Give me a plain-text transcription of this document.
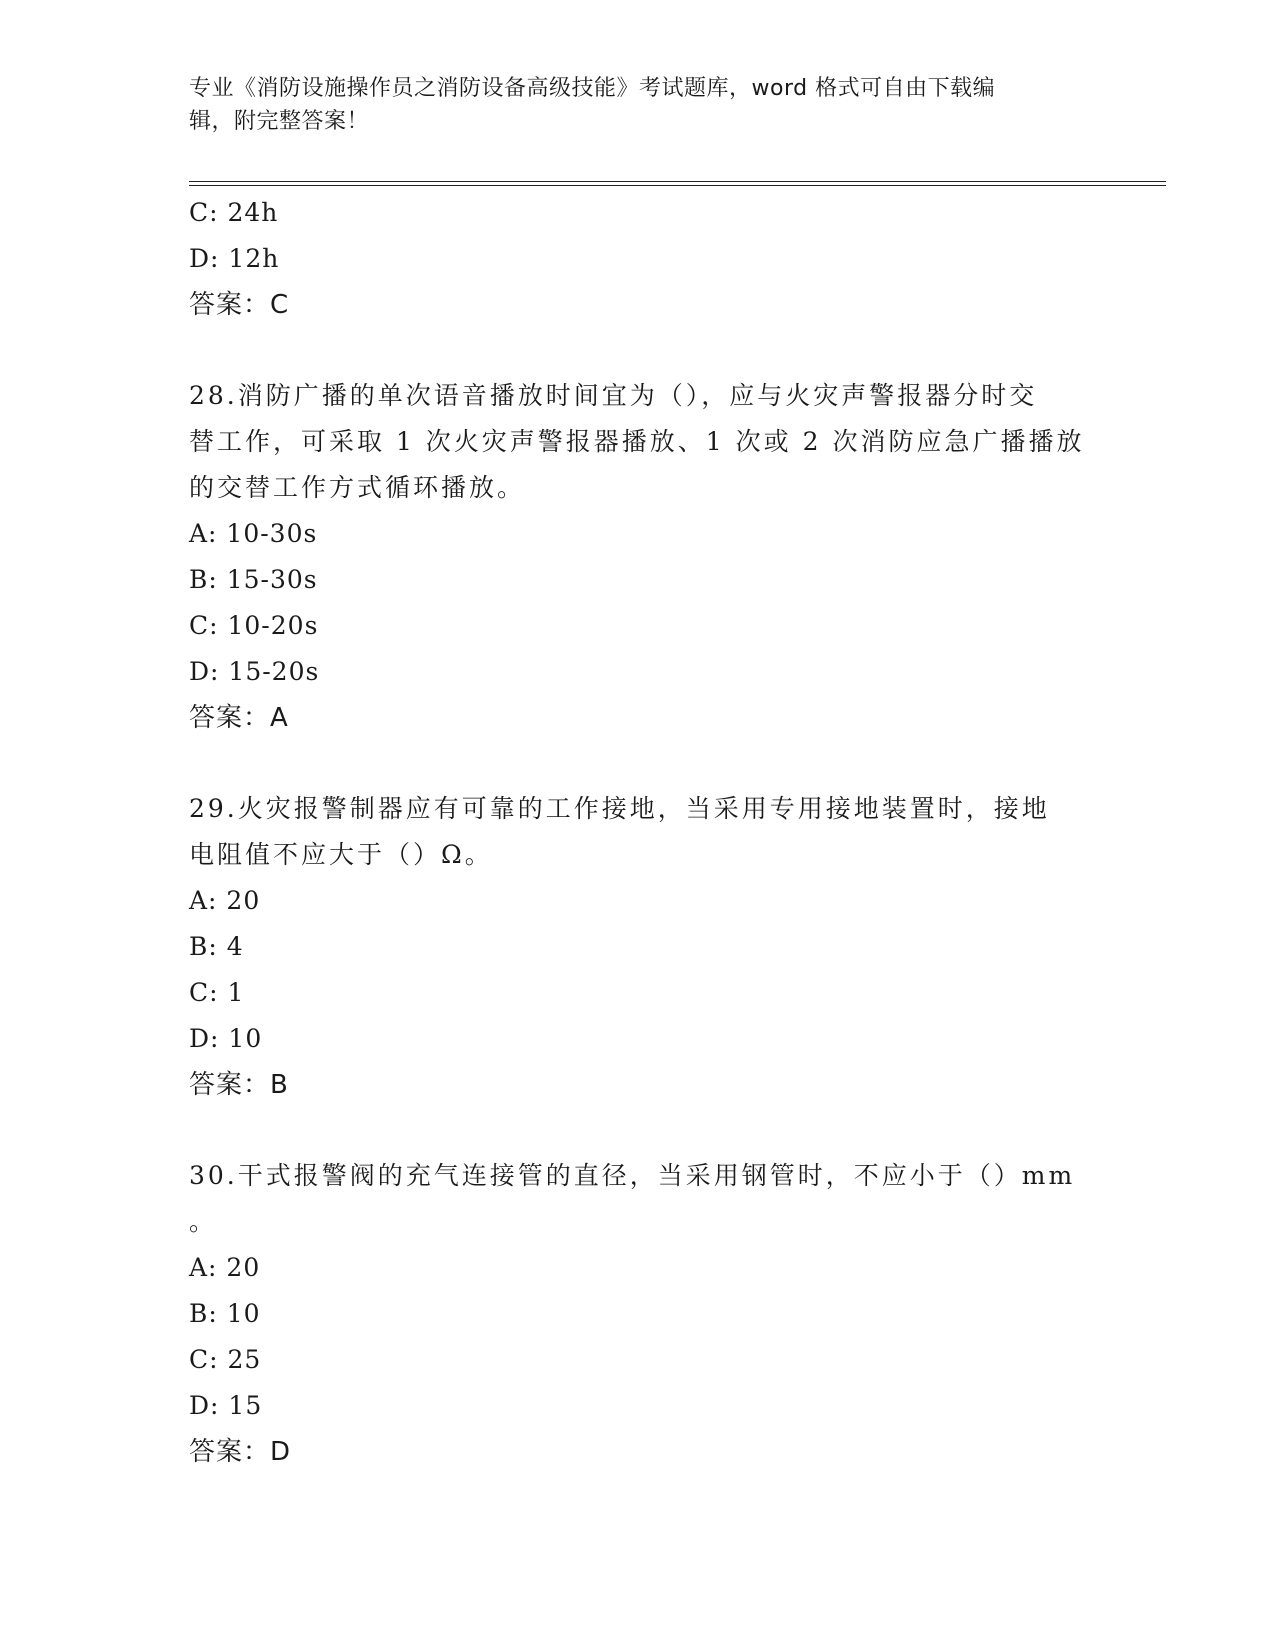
专业《消防设施操作员之消防设备高级技能》考试题库，word 格式可自由下载编
辑，附完整答案！
C: 24h
D: 12h
答案：C
28.消防广播的单次语音播放时间宜为（），应与火灾声警报器分时交
替工作，可采取 1 次火灾声警报器播放、1 次或 2 次消防应急广播播放
的交替工作方式循环播放。
A: 10-30s
B: 15-30s
C: 10-20s
D: 15-20s
答案：A
29.火灾报警制器应有可靠的工作接地，当采用专用接地装置时，接地
电阻值不应大于（）Ω。
A: 20
B: 4
C: 1
D: 10
答案：B
30.干式报警阀的充气连接管的直径，当采用钢管时，不应小于（）mm
。
A: 20
B: 10
C: 25
D: 15
答案：D
